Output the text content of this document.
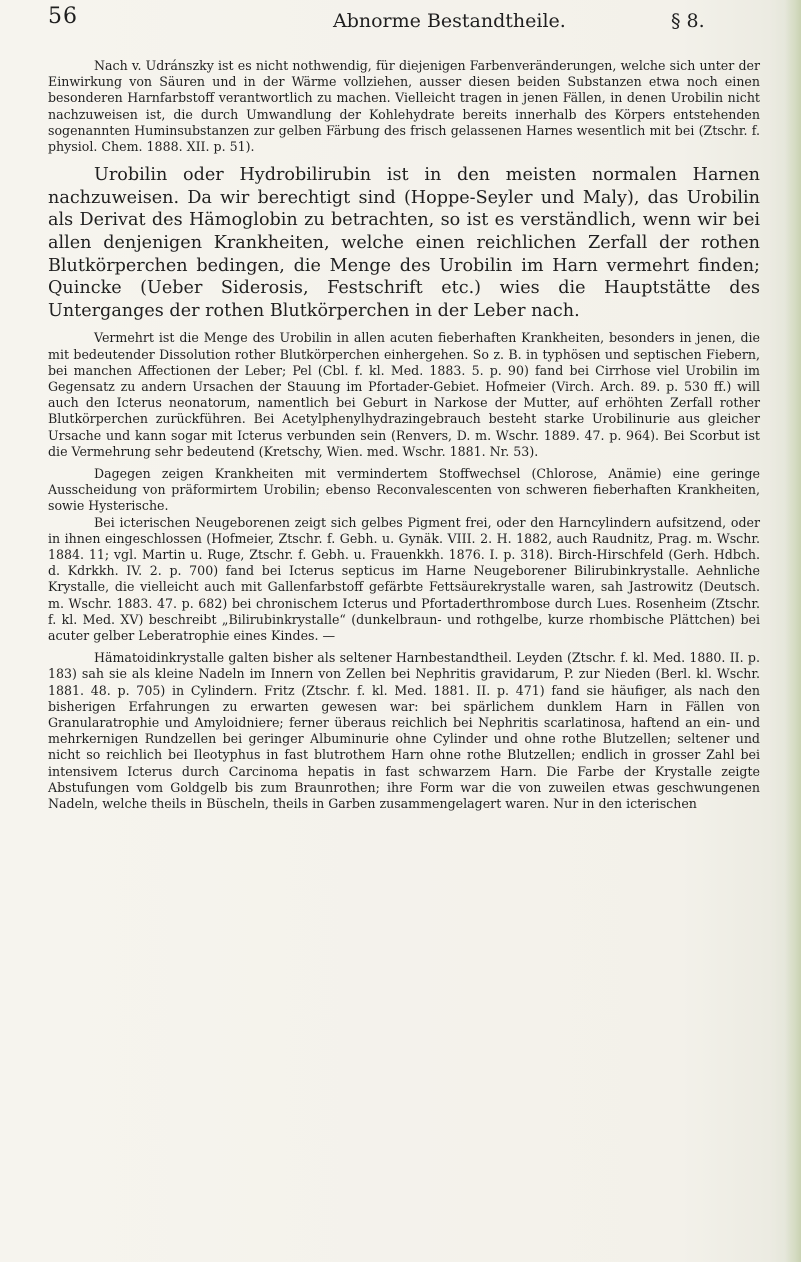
56	Abnorme Bestandtheile.	§ 8.

Nach v. Udránszky ist es nicht nothwendig, für diejenigen Farbenveränderungen, welche sich unter der Einwirkung von Säuren und in der Wärme vollziehen, ausser diesen beiden Substanzen etwa noch einen besonderen Harnfarbstoff verantwortlich zu machen. Vielleicht tragen in jenen Fällen, in denen Urobilin nicht nachzuweisen ist, die durch Umwandlung der Kohlehydrate bereits innerhalb des Körpers entstehenden sogenannten Huminsubstanzen zur gelben Färbung des frisch gelassenen Harnes wesentlich mit bei (Ztschr. f. physiol. Chem. 1888. XII. p. 51).

Urobilin oder Hydrobilirubin ist in den meisten normalen Harnen nachzuweisen. Da wir berechtigt sind (Hoppe-Seyler und Maly), das Urobilin als Derivat des Hämoglobin zu betrachten, so ist es verständlich, wenn wir bei allen denjenigen Krankheiten, welche einen reichlichen Zerfall der rothen Blutkörperchen bedingen, die Menge des Urobilin im Harn vermehrt finden; Quincke (Ueber Siderosis, Festschrift etc.) wies die Hauptstätte des Unterganges der rothen Blutkörperchen in der Leber nach.

Vermehrt ist die Menge des Urobilin in allen acuten fieberhaften Krankheiten, besonders in jenen, die mit bedeutender Dissolution rother Blutkörperchen einhergehen. So z. B. in typhösen und septischen Fiebern, bei manchen Affectionen der Leber; Pel (Cbl. f. kl. Med. 1883. 5. p. 90) fand bei Cirrhose viel Urobilin im Gegensatz zu andern Ursachen der Stauung im Pfortader-Gebiet. Hofmeier (Virch. Arch. 89. p. 530 ff.) will auch den Icterus neonatorum, namentlich bei Geburt in Narkose der Mutter, auf erhöhten Zerfall rother Blutkörperchen zurückführen. Bei Acetylphenylhydrazingebrauch besteht starke Urobilinurie aus gleicher Ursache und kann sogar mit Icterus verbunden sein (Renvers, D. m. Wschr. 1889. 47. p. 964). Bei Scorbut ist die Vermehrung sehr bedeutend (Kretschy, Wien. med. Wschr. 1881. Nr. 53).

Dagegen zeigen Krankheiten mit vermindertem Stoffwechsel (Chlorose, Anämie) eine geringe Ausscheidung von präformirtem Urobilin; ebenso Reconvalescenten von schweren fieberhaften Krankheiten, sowie Hysterische.

Bei icterischen Neugeborenen zeigt sich gelbes Pigment frei, oder den Harncylindern aufsitzend, oder in ihnen eingeschlossen (Hofmeier, Ztschr. f. Gebh. u. Gynäk. VIII. 2. H. 1882, auch Raudnitz, Prag. m. Wschr. 1884. 11; vgl. Martin u. Ruge, Ztschr. f. Gebh. u. Frauenkkh. 1876. I. p. 318). Birch-Hirschfeld (Gerh. Hdbch. d. Kdrkkh. IV. 2. p. 700) fand bei Icterus septicus im Harne Neugeborener Bilirubinkrystalle. Aehnliche Krystalle, die vielleicht auch mit Gallenfarbstoff gefärbte Fettsäurekrystalle waren, sah Jastrowitz (Deutsch. m. Wschr. 1883. 47. p. 682) bei chronischem Icterus und Pfortaderthrombose durch Lues. Rosenheim (Ztschr. f. kl. Med. XV) beschreibt „Bilirubinkrystalle“ (dunkelbraun- und rothgelbe, kurze rhombische Plättchen) bei acuter gelber Leberatrophie eines Kindes. —

Hämatoidinkrystalle galten bisher als seltener Harnbestandtheil. Leyden (Ztschr. f. kl. Med. 1880. II. p. 183) sah sie als kleine Nadeln im Innern von Zellen bei Nephritis gravidarum, P. zur Nieden (Berl. kl. Wschr. 1881. 48. p. 705) in Cylindern. Fritz (Ztschr. f. kl. Med. 1881. II. p. 471) fand sie häufiger, als nach den bisherigen Erfahrungen zu erwarten gewesen war: bei spärlichem dunklem Harn in Fällen von Granularatrophie und Amyloidniere; ferner überaus reichlich bei Nephritis scarlatinosa, haftend an ein- und mehrkernigen Rundzellen bei geringer Albuminurie ohne Cylinder und ohne rothe Blutzellen; seltener und nicht so reichlich bei Ileotyphus in fast blutrothem Harn ohne rothe Blutzellen; endlich in grosser Zahl bei intensivem Icterus durch Carcinoma hepatis in fast schwarzem Harn. Die Farbe der Krystalle zeigte Abstufungen vom Goldgelb bis zum Braunrothen; ihre Form war die von zuweilen etwas geschwungenen Nadeln, welche theils in Büscheln, theils in Garben zusammengelagert waren. Nur in den icterischen
